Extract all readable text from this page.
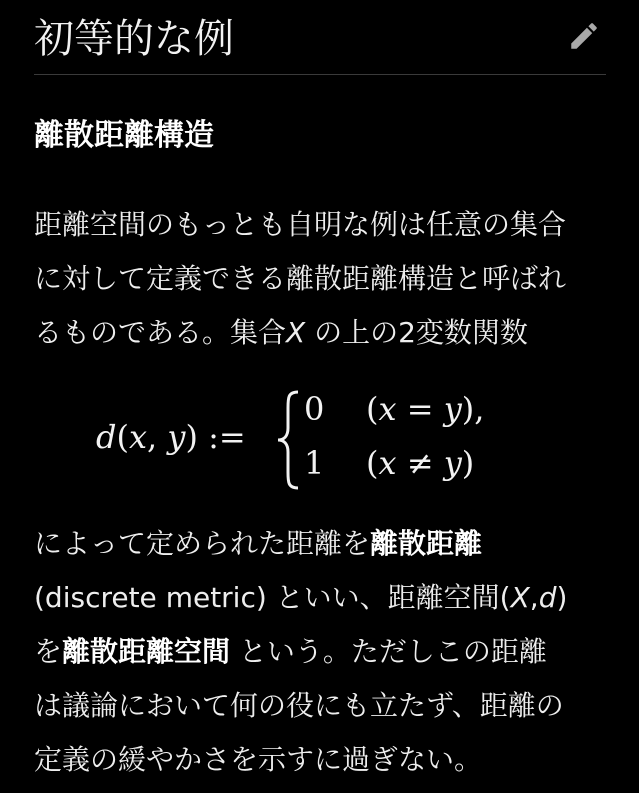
初等的な例
離散距離構造

距離空間のもっとも自明な例は任意の集合
に対して定義できる離散距離構造と呼ばれ
るものである。集合X の上の2変数関数

d(x, y) :=
0 (x = y),
1 (x ≠ y)

によって定められた距離を離散距離
(discrete metric) といい、距離空間(X,d)
を離散距離空間 という。ただしこの距離
は議論において何の役にも立たず、距離の
定義の緩やかさを示すに過ぎない。
